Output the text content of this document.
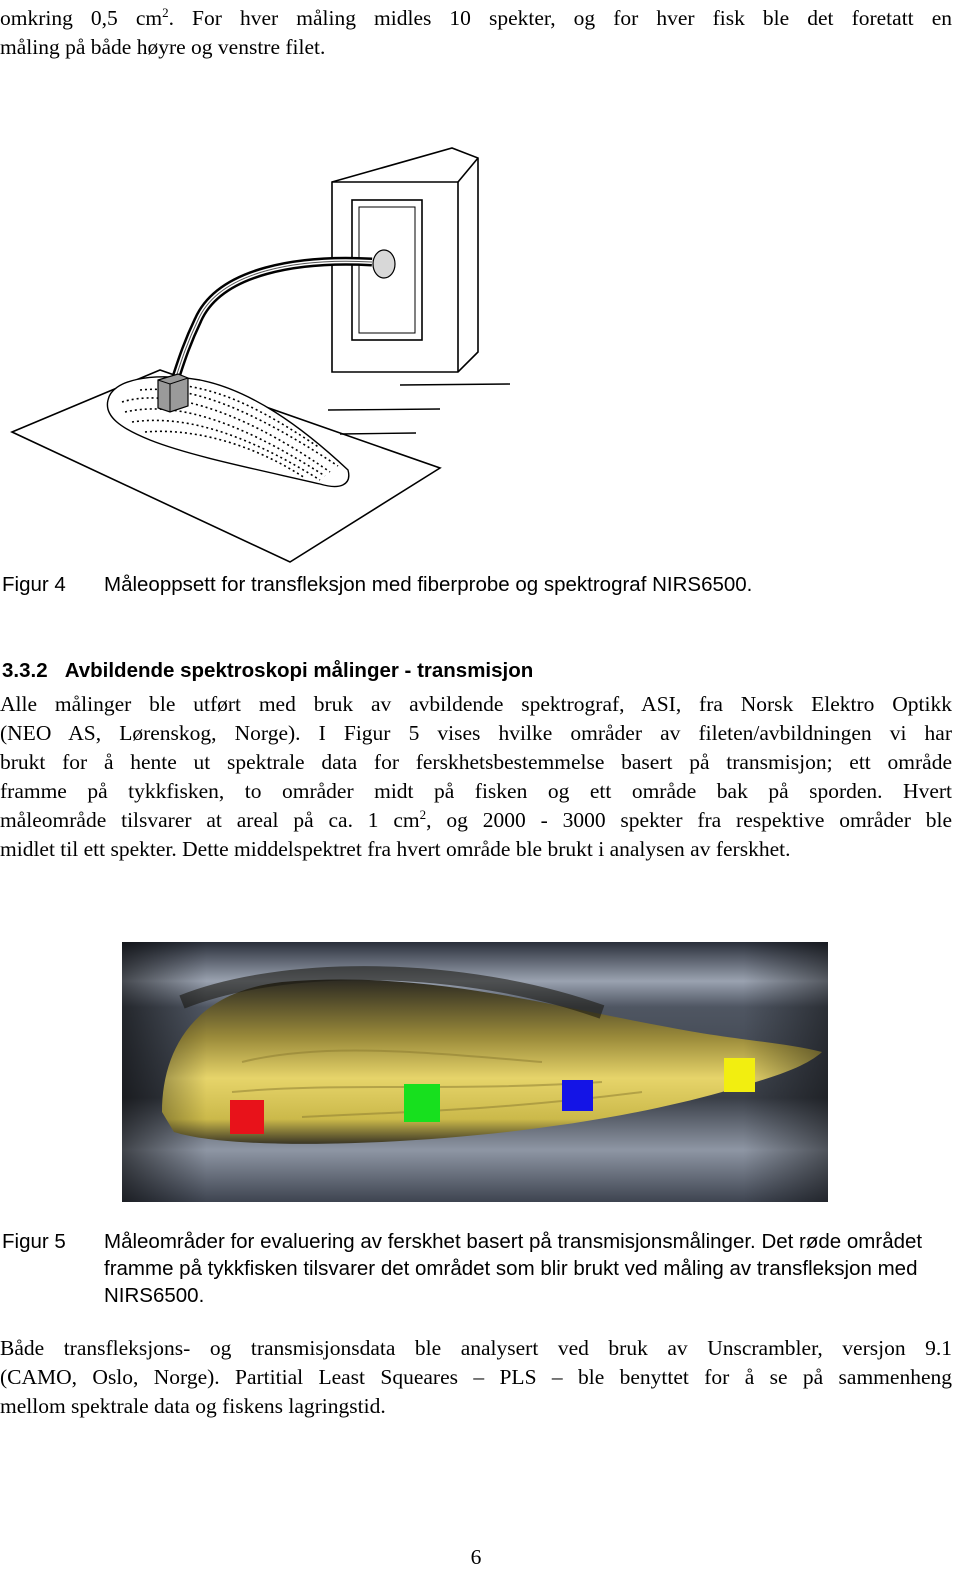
omkring 0,5 $cm^2$. For hver måling midles 10 spekter, og for hver fisk ble det foretatt en
måling på både høyre og venstre filet.
Figur 4 Måleoppsett for transfleksjon med fiberprobe og spektrograf NIRS6500.
3.3.2 Avbildende spektroskopi målinger - transmisjon
Alle målinger ble utført med bruk av avbildende spektrograf, ASI, fra Norsk Elektro Optikk
(NEO AS, Lørenskog, Norge). I Figur 5 vises hvilke områder av fileten/avbildningen vi har
brukt for å hente ut spektrale data for ferskhetsbestemmelse basert på transmisjon; ett område
framme på tykkfisken, to områder midt på fisken og ett område bak på sporden. Hvert
måleområde tilsvarer at areal på ca. 1 $cm^2$, og 2000 - 3000 spekter fra respektive områder ble
midlet til ett spekter. Dette middelspektret fra hvert område ble brukt i analysen av ferskhet.
Figur 5 Måleområder for evaluering av ferskhet basert på transmisjonsmålinger. Det røde området framme på tykkfisken tilsvarer det området som blir brukt ved måling av transfleksjon med NIRS6500.
Både transfleksjons- og transmisjonsdata ble analysert ved bruk av Unscrambler, versjon 9.1
(CAMO, Oslo, Norge). Partitial Least Squeares – PLS – ble benyttet for å se på sammenheng
mellom spektrale data og fiskens lagringstid.
6
